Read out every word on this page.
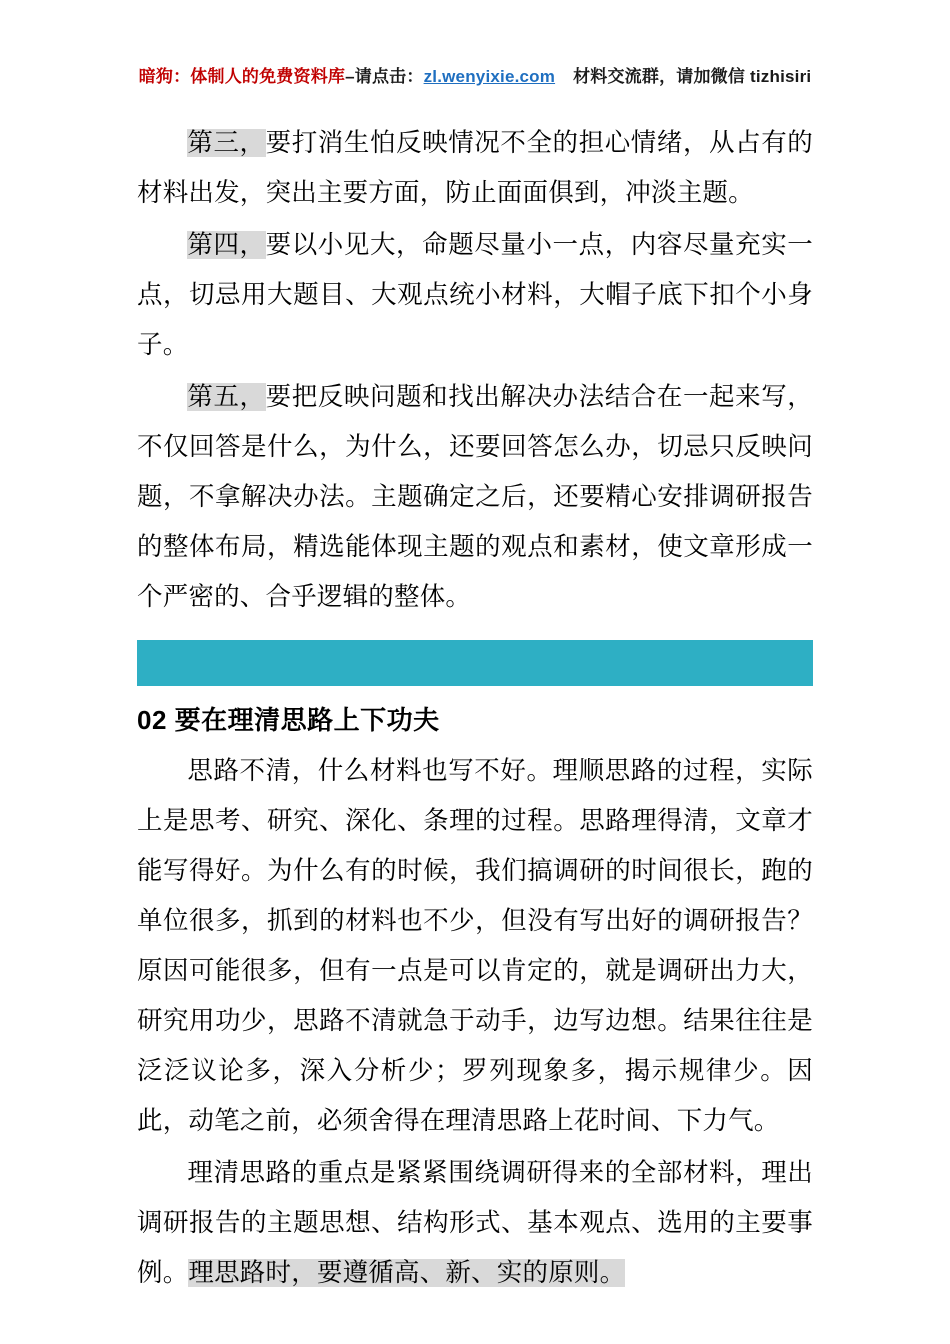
暗狗：体制人的免费资料库–请点击：zl.wenyixie.com 材料交流群，请加微信 tizhisiri

第三，要打消生怕反映情况不全的担心情绪，从占有的材料出发，突出主要方面，防止面面俱到，冲淡主题。

第四，要以小见大，命题尽量小一点，内容尽量充实一点，切忌用大题目、大观点统小材料，大帽子底下扣个小身子。

第五，要把反映问题和找出解决办法结合在一起来写，不仅回答是什么，为什么，还要回答怎么办，切忌只反映问题，不拿解决办法。主题确定之后，还要精心安排调研报告的整体布局，精选能体现主题的观点和素材，使文章形成一个严密的、合乎逻辑的整体。

02 要在理清思路上下功夫

思路不清，什么材料也写不好。理顺思路的过程，实际上是思考、研究、深化、条理的过程。思路理得清，文章才能写得好。为什么有的时候，我们搞调研的时间很长，跑的单位很多，抓到的材料也不少，但没有写出好的调研报告？原因可能很多，但有一点是可以肯定的，就是调研出力大，研究用功少，思路不清就急于动手，边写边想。结果往往是泛泛议论多，深入分析少；罗列现象多，揭示规律少。因此，动笔之前，必须舍得在理清思路上花时间、下力气。

理清思路的重点是紧紧围绕调研得来的全部材料，理出调研报告的主题思想、结构形式、基本观点、选用的主要事例。理思路时，要遵循高、新、实的原则。
